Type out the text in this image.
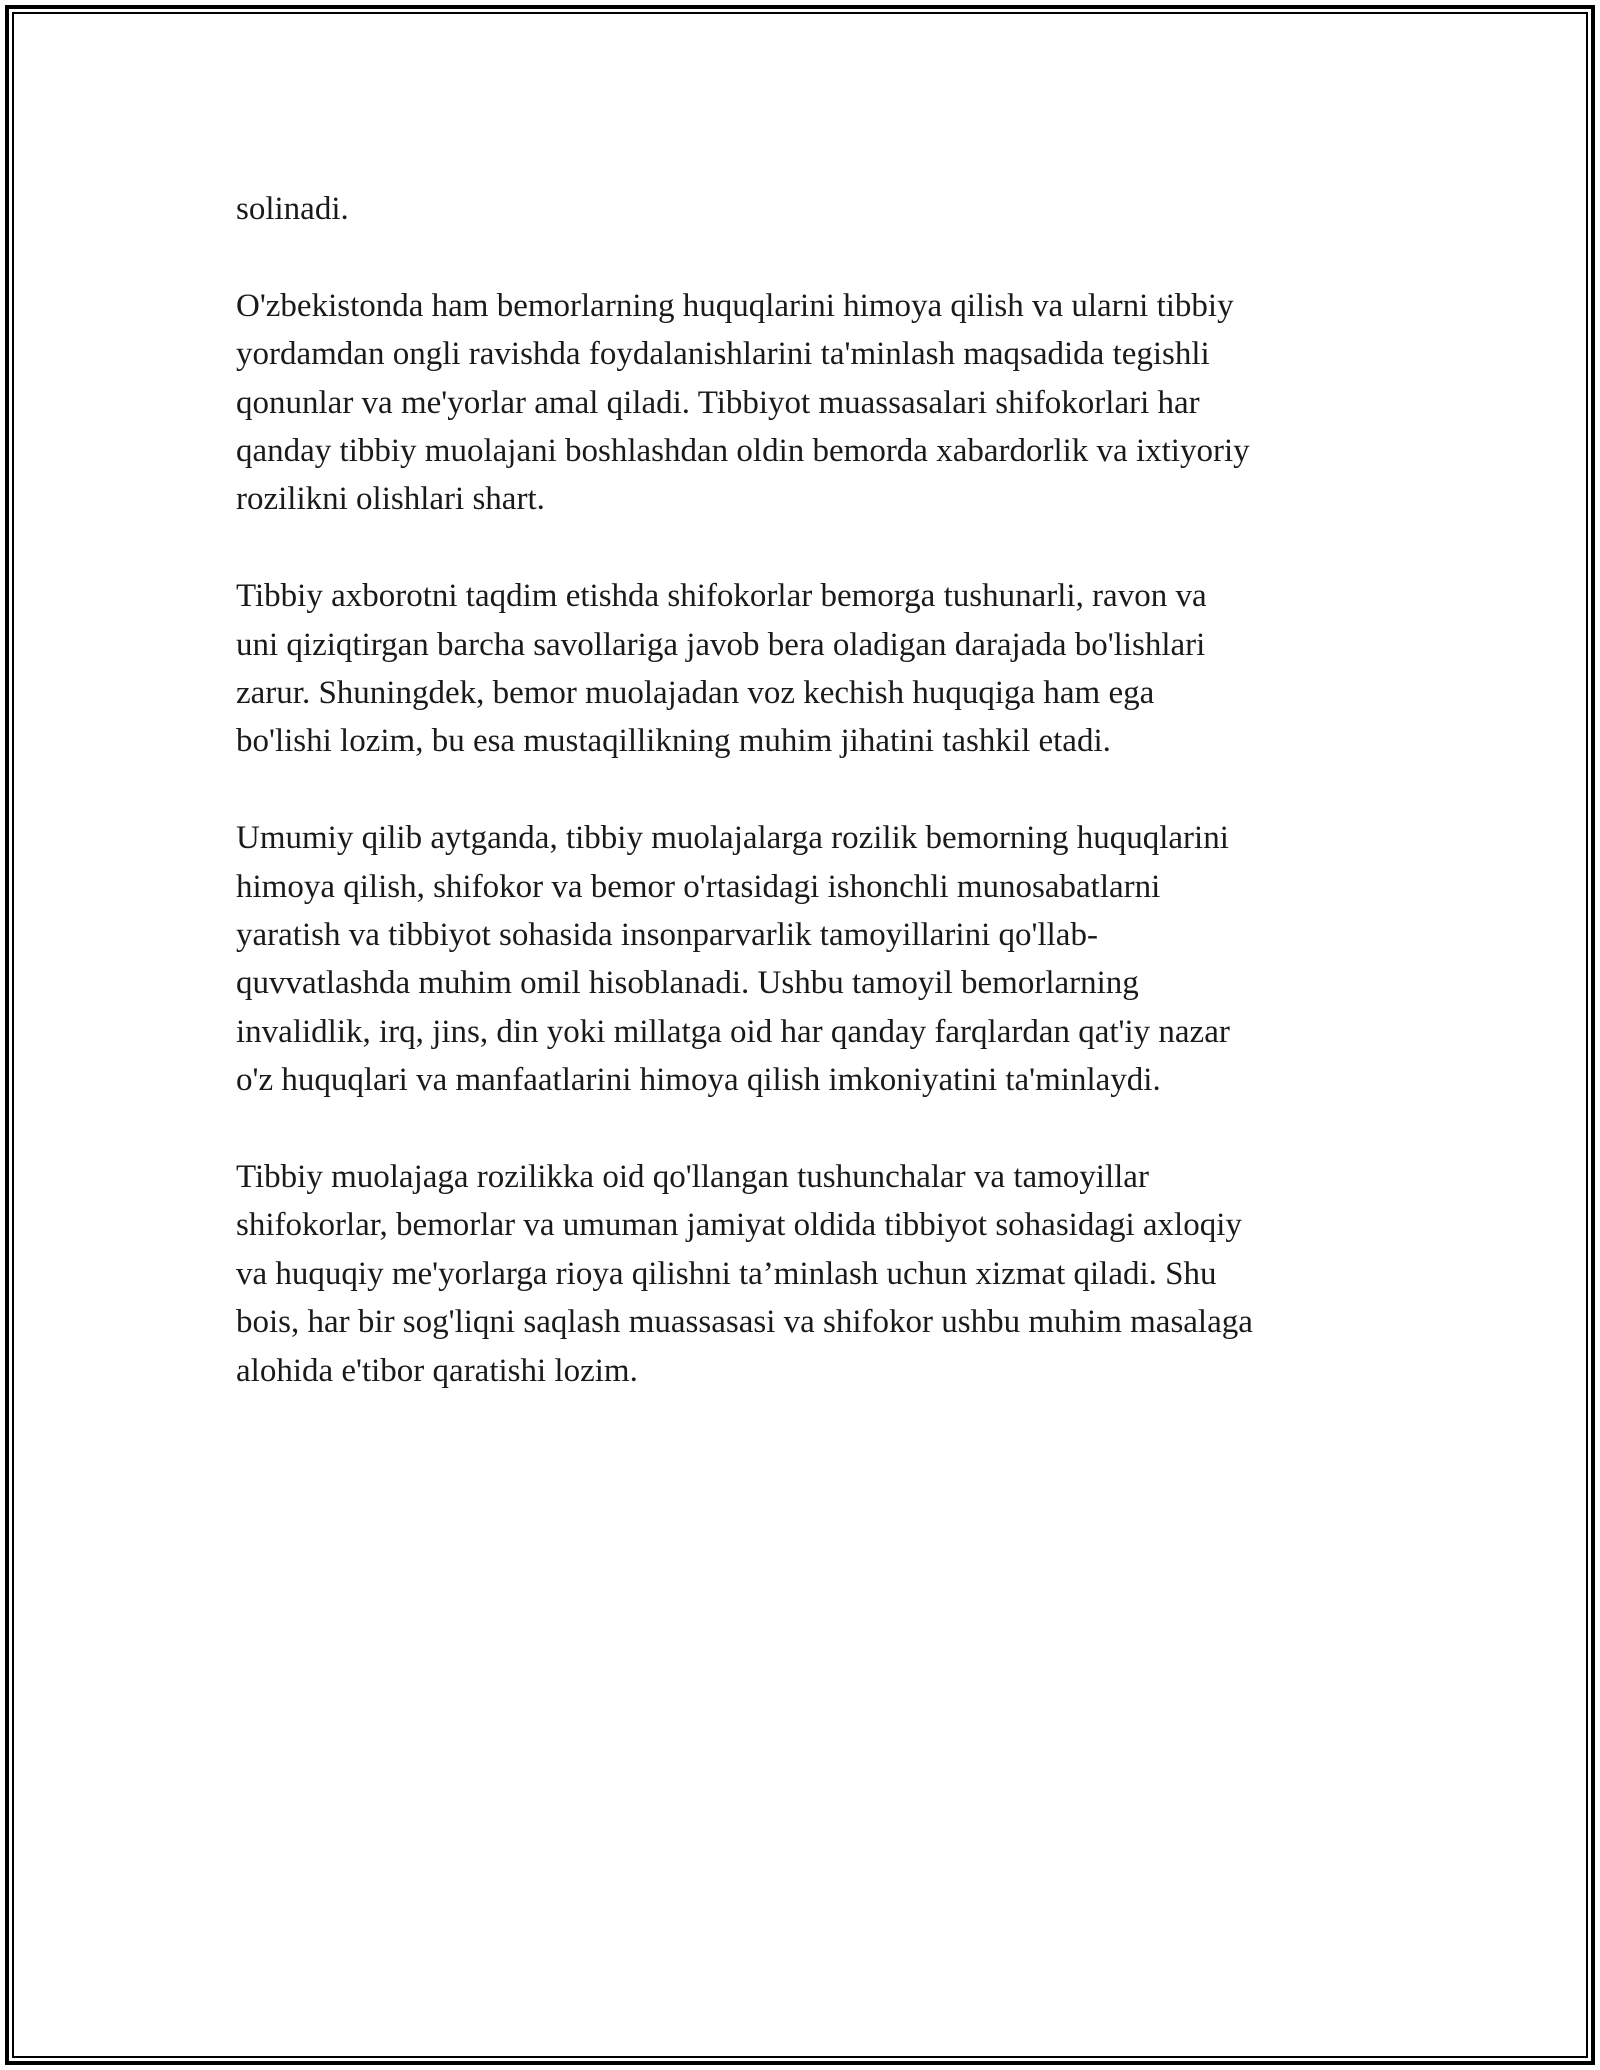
solinadi.

O'zbekistonda ham bemorlarning huquqlarini himoya qilish va ularni tibbiy
yordamdan ongli ravishda foydalanishlarini ta'minlash maqsadida tegishli
qonunlar va me'yorlar amal qiladi. Tibbiyot muassasalari shifokorlari har
qanday tibbiy muolajani boshlashdan oldin bemorda xabardorlik va ixtiyoriy
rozilikni olishlari shart.

Tibbiy axborotni taqdim etishda shifokorlar bemorga tushunarli, ravon va
uni qiziqtirgan barcha savollariga javob bera oladigan darajada bo'lishlari
zarur. Shuningdek, bemor muolajadan voz kechish huquqiga ham ega
bo'lishi lozim, bu esa mustaqillikning muhim jihatini tashkil etadi.

Umumiy qilib aytganda, tibbiy muolajalarga rozilik bemorning huquqlarini
himoya qilish, shifokor va bemor o'rtasidagi ishonchli munosabatlarni
yaratish va tibbiyot sohasida insonparvarlik tamoyillarini qo'llab-
quvvatlashda muhim omil hisoblanadi. Ushbu tamoyil bemorlarning
invalidlik, irq, jins, din yoki millatga oid har qanday farqlardan qat'iy nazar
o'z huquqlari va manfaatlarini himoya qilish imkoniyatini ta'minlaydi.

Tibbiy muolajaga rozilikka oid qo'llangan tushunchalar va tamoyillar
shifokorlar, bemorlar va umuman jamiyat oldida tibbiyot sohasidagi axloqiy
va huquqiy me'yorlarga rioya qilishni ta’minlash uchun xizmat qiladi. Shu
bois, har bir sog'liqni saqlash muassasasi va shifokor ushbu muhim masalaga
alohida e'tibor qaratishi lozim.
